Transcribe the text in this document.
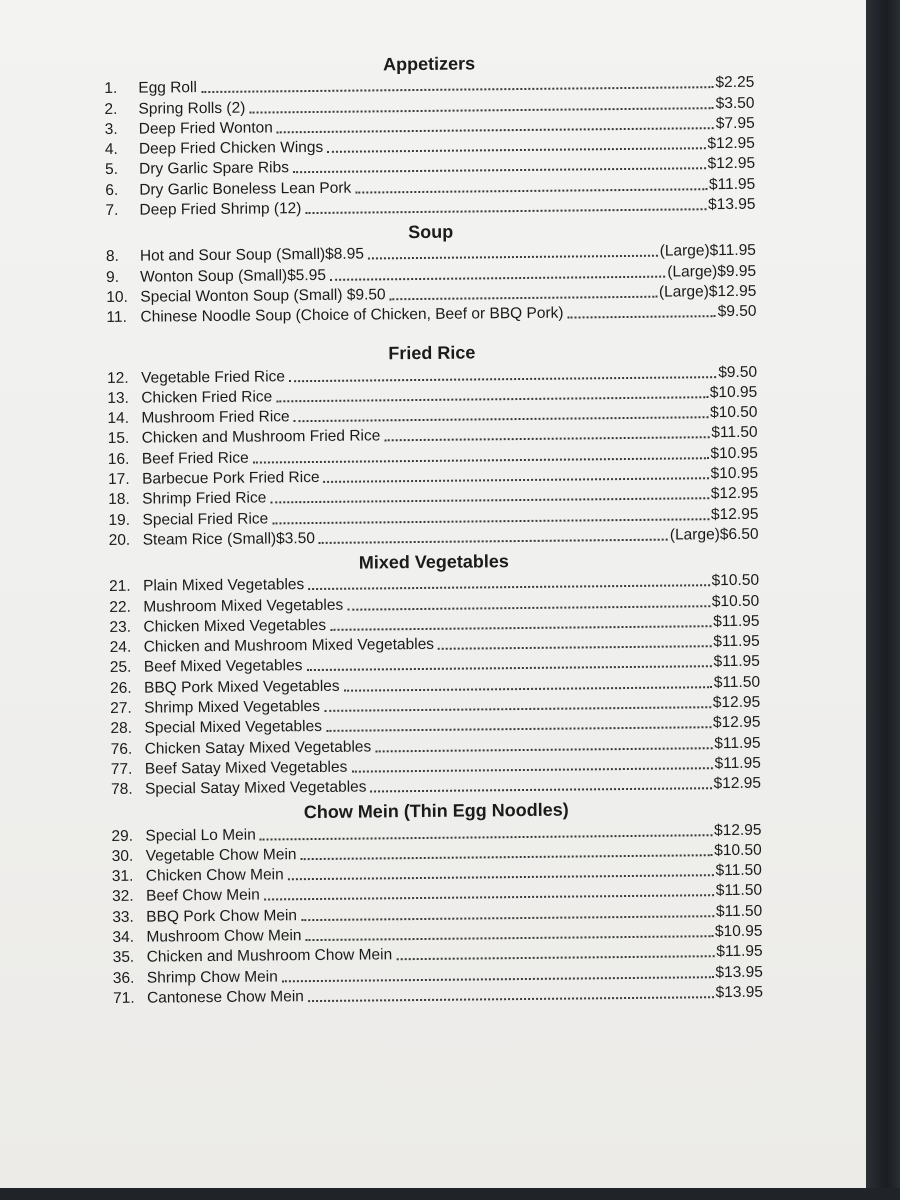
Appetizers
1.	Egg Roll	$2.25
2.	Spring Rolls (2)	$3.50
3.	Deep Fried Wonton	$7.95
4.	Deep Fried Chicken Wings	$12.95
5.	Dry Garlic Spare Ribs	$12.95
6.	Dry Garlic Boneless Lean Pork	$11.95
7.	Deep Fried Shrimp (12)	$13.95
Soup
8.	Hot and Sour Soup (Small)$8.95	(Large)$11.95
9.	Wonton Soup (Small)$5.95	(Large)$9.95
10. Special Wonton Soup (Small) $9.50	(Large)$12.95
11. Chinese Noodle Soup (Choice of Chicken, Beef or BBQ Pork)	$9.50
Fried Rice
12. Vegetable Fried Rice	$9.50
13. Chicken Fried Rice	$10.95
14. Mushroom Fried Rice	$10.50
15. Chicken and Mushroom Fried Rice	$11.50
16. Beef Fried Rice	$10.95
17. Barbecue Pork Fried Rice	$10.95
18. Shrimp Fried Rice	$12.95
19. Special Fried Rice	$12.95
20. Steam Rice (Small)$3.50	(Large)$6.50
Mixed Vegetables
21. Plain Mixed Vegetables	$10.50
22. Mushroom Mixed Vegetables	$10.50
23. Chicken Mixed Vegetables	$11.95
24. Chicken and Mushroom Mixed Vegetables	$11.95
25. Beef Mixed Vegetables	$11.95
26. BBQ Pork Mixed Vegetables	$11.50
27. Shrimp Mixed Vegetables	$12.95
28. Special Mixed Vegetables	$12.95
76. Chicken Satay Mixed Vegetables	$11.95
77. Beef Satay Mixed Vegetables	$11.95
78. Special Satay Mixed Vegetables	$12.95
Chow Mein (Thin Egg Noodles)
29. Special Lo Mein	$12.95
30. Vegetable Chow Mein	$10.50
31. Chicken Chow Mein	$11.50
32. Beef Chow Mein	$11.50
33. BBQ Pork Chow Mein	$11.50
34. Mushroom Chow Mein	$10.95
35. Chicken and Mushroom Chow Mein	$11.95
36. Shrimp Chow Mein	$13.95
71. Cantonese Chow Mein	$13.95
